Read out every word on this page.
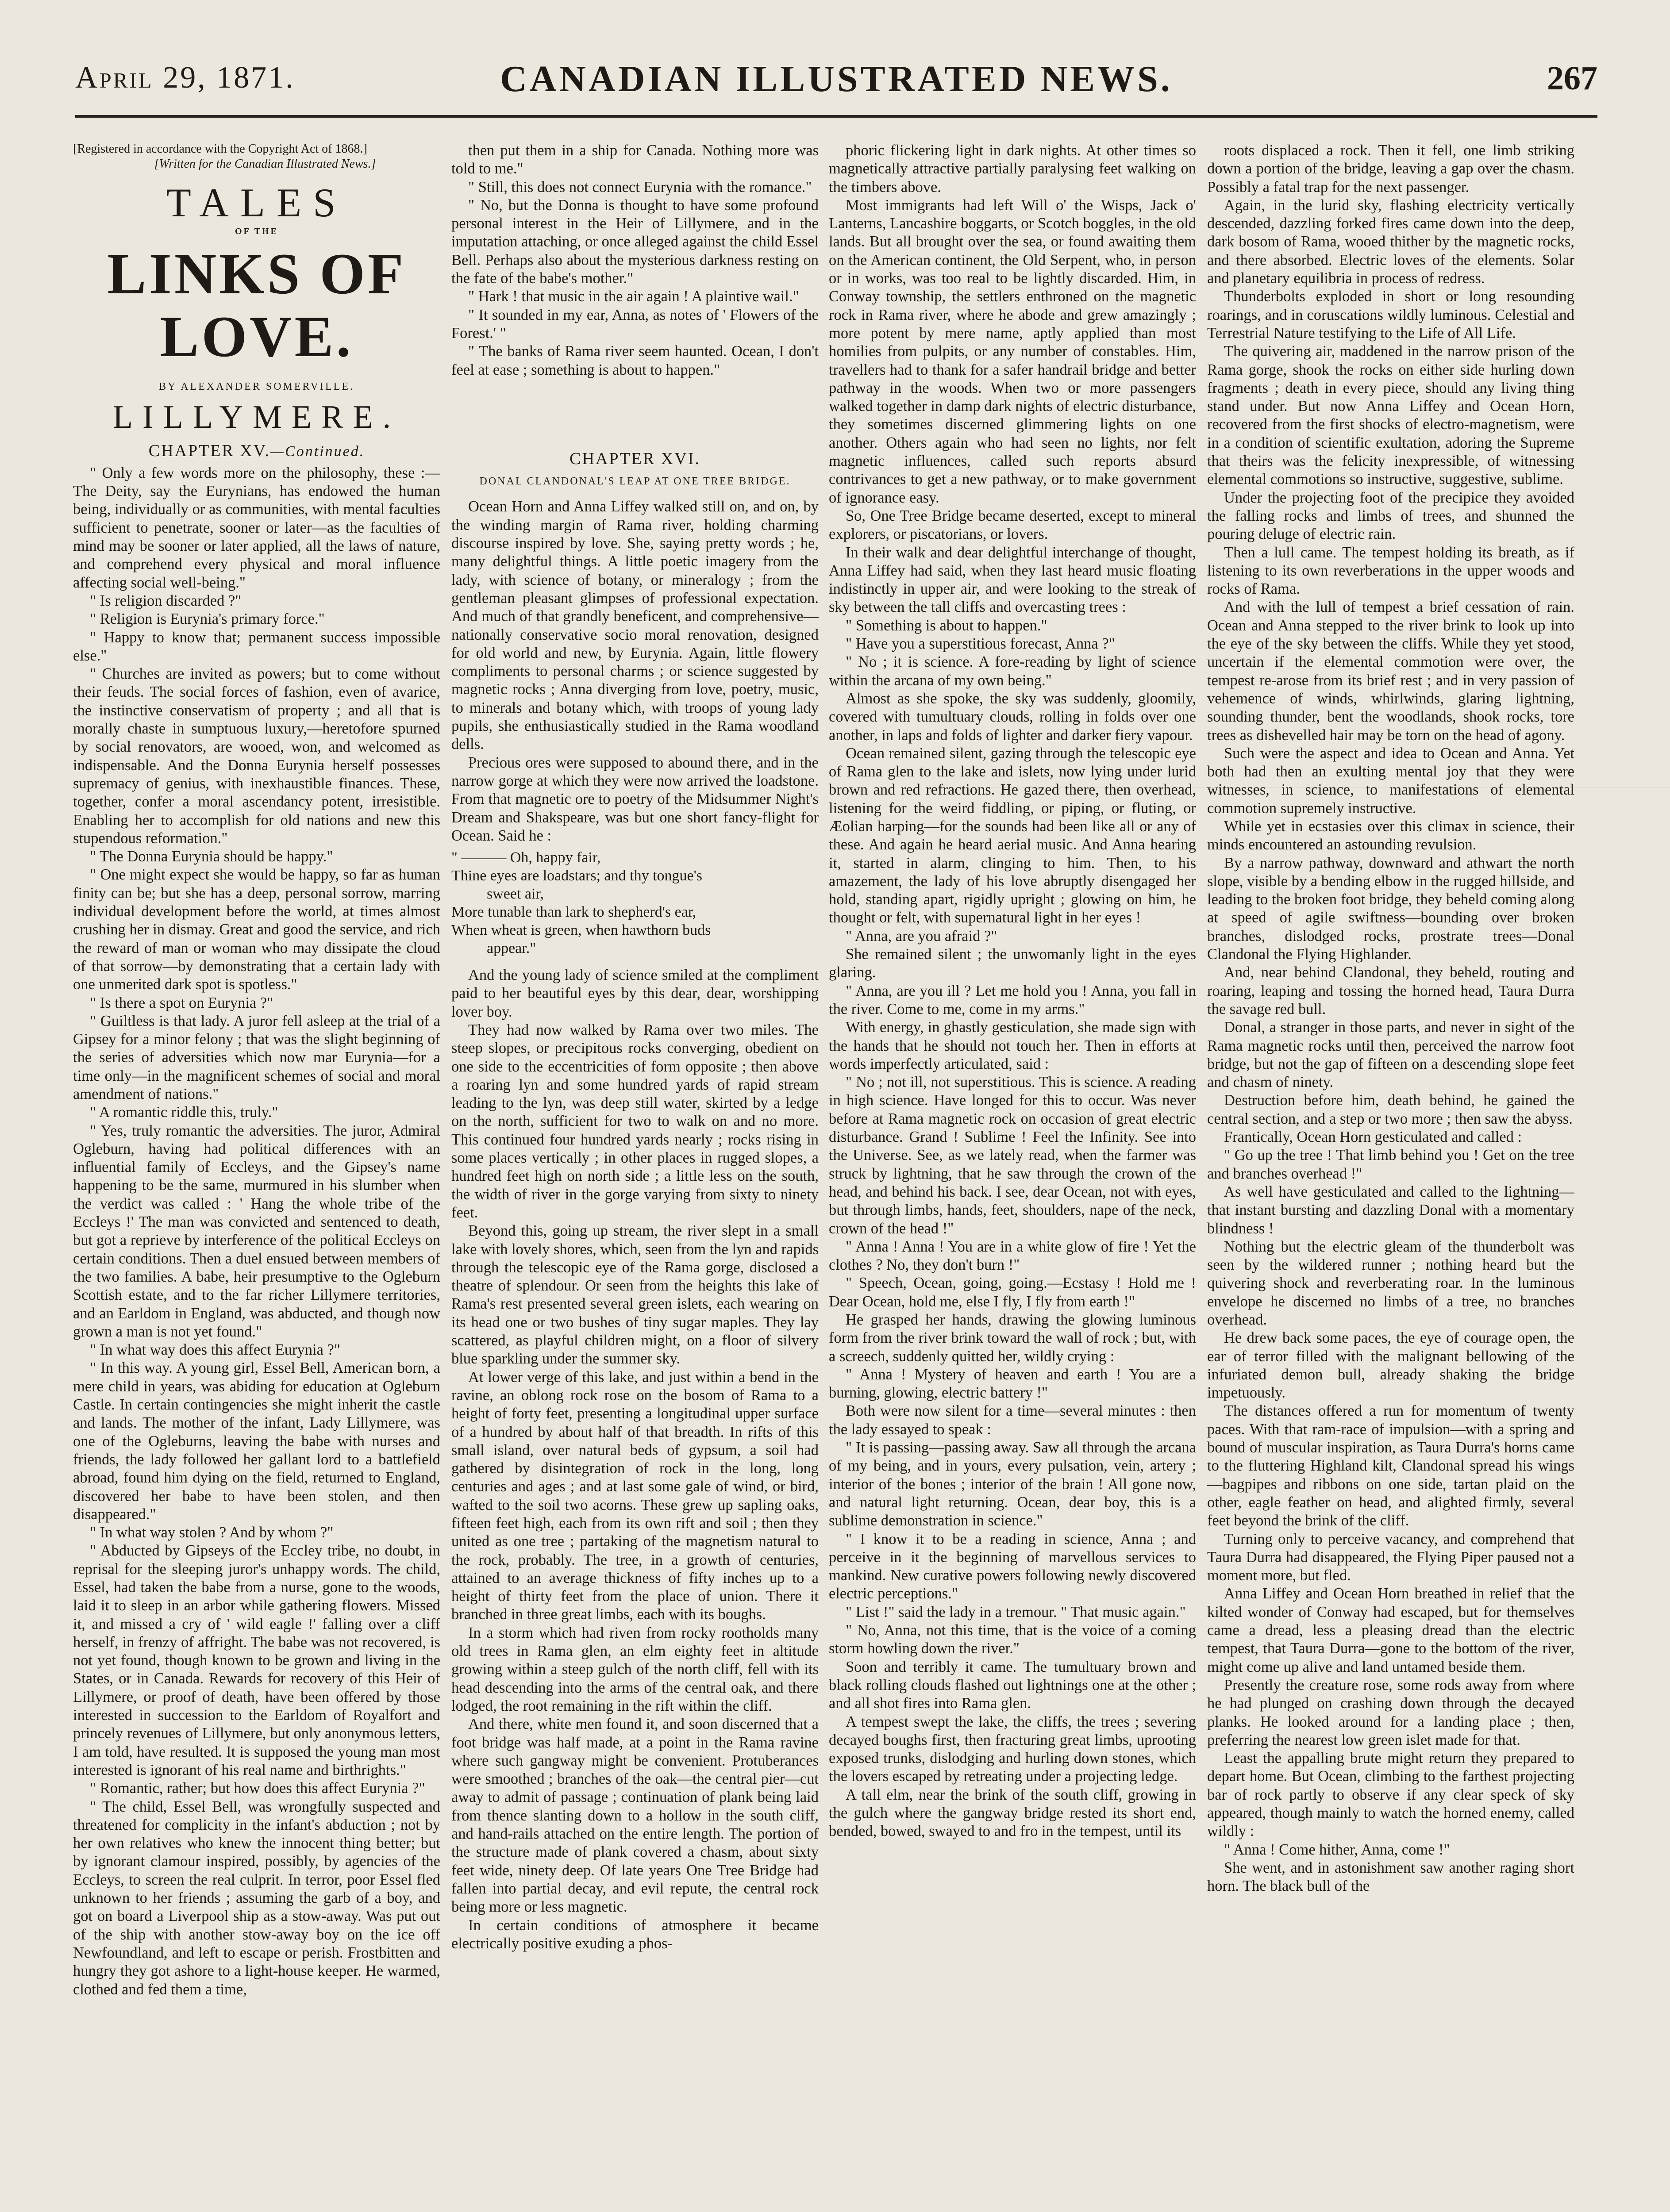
April 29, 1871.	CANADIAN ILLUSTRATED NEWS.	267

[Registered in accordance with the Copyright Act of 1868.]

[Written for the Canadian Illustrated News.]

TALES
OF THE
LINKS OF LOVE.
BY ALEXANDER SOMERVILLE.
LILLYMERE.
CHAPTER XV.—Continued.

" Only a few words more on the philosophy, these :—The Deity, say the Eurynians, has endowed the human being, individually or as communities, with mental faculties sufficient to penetrate, sooner or later—as the faculties of mind may be sooner or later applied, all the laws of nature, and comprehend every physical and moral influence affecting social well-being."

" Is religion discarded ?"

" Religion is Eurynia's primary force."

" Happy to know that; permanent success impossible else."

" Churches are invited as powers; but to come without their feuds. The social forces of fashion, even of avarice, the instinctive conservatism of property ; and all that is morally chaste in sumptuous luxury,—heretofore spurned by social renovators, are wooed, won, and welcomed as indispensable. And the Donna Eurynia herself possesses supremacy of genius, with inexhaustible finances. These, together, confer a moral ascendancy potent, irresistible. Enabling her to accomplish for old nations and new this stupendous reformation."

" The Donna Eurynia should be happy."

" One might expect she would be happy, so far as human finity can be; but she has a deep, personal sorrow, marring individual development before the world, at times almost crushing her in dismay. Great and good the service, and rich the reward of man or woman who may dissipate the cloud of that sorrow—by demonstrating that a certain lady with one unmerited dark spot is spotless."

" Is there a spot on Eurynia ?"

" Guiltless is that lady. A juror fell asleep at the trial of a Gipsey for a minor felony ; that was the slight beginning of the series of adversities which now mar Eurynia—for a time only—in the magnificent schemes of social and moral amendment of nations."

" A romantic riddle this, truly."

" Yes, truly romantic the adversities. The juror, Admiral Ogleburn, having had political differences with an influential family of Eccleys, and the Gipsey's name happening to be the same, murmured in his slumber when the verdict was called : ' Hang the whole tribe of the Eccleys !' The man was convicted and sentenced to death, but got a reprieve by interference of the political Eccleys on certain conditions. Then a duel ensued between members of the two families. A babe, heir presumptive to the Ogleburn Scottish estate, and to the far richer Lillymere territories, and an Earldom in England, was abducted, and though now grown a man is not yet found."

" In what way does this affect Eurynia ?"

" In this way. A young girl, Essel Bell, American born, a mere child in years, was abiding for education at Ogleburn Castle. In certain contingencies she might inherit the castle and lands. The mother of the infant, Lady Lillymere, was one of the Ogleburns, leaving the babe with nurses and friends, the lady followed her gallant lord to a battlefield abroad, found him dying on the field, returned to England, discovered her babe to have been stolen, and then disappeared."

" In what way stolen ? And by whom ?"

" Abducted by Gipseys of the Eccley tribe, no doubt, in reprisal for the sleeping juror's unhappy words. The child, Essel, had taken the babe from a nurse, gone to the woods, laid it to sleep in an arbor while gathering flowers. Missed it, and missed a cry of ' wild eagle !' falling over a cliff herself, in frenzy of affright. The babe was not recovered, is not yet found, though known to be grown and living in the States, or in Canada. Rewards for recovery of this Heir of Lillymere, or proof of death, have been offered by those interested in succession to the Earldom of Royalfort and princely revenues of Lillymere, but only anonymous letters, I am told, have resulted. It is supposed the young man most interested is ignorant of his real name and birthrights."

" Romantic, rather; but how does this affect Eurynia ?"

" The child, Essel Bell, was wrongfully suspected and threatened for complicity in the infant's abduction ; not by her own relatives who knew the innocent thing better; but by ignorant clamour inspired, possibly, by agencies of the Eccleys, to screen the real culprit. In terror, poor Essel fled unknown to her friends ; assuming the garb of a boy, and got on board a Liverpool ship as a stow-away. Was put out of the ship with another stow-away boy on the ice off Newfoundland, and left to escape or perish. Frostbitten and hungry they got ashore to a light-house keeper. He warmed, clothed and fed them a time,

then put them in a ship for Canada. Nothing more was told to me."

" Still, this does not connect Eurynia with the romance."

" No, but the Donna is thought to have some profound personal interest in the Heir of Lillymere, and in the imputation attaching, or once alleged against the child Essel Bell. Perhaps also about the mysterious darkness resting on the fate of the babe's mother."

" Hark ! that music in the air again ! A plaintive wail."

" It sounded in my ear, Anna, as notes of ' Flowers of the Forest.' "

" The banks of Rama river seem haunted. Ocean, I don't feel at ease ; something is about to happen."

CHAPTER XVI.
DONAL CLANDONAL'S LEAP AT ONE TREE BRIDGE.

Ocean Horn and Anna Liffey walked still on, and on, by the winding margin of Rama river, holding charming discourse inspired by love. She, saying pretty words ; he, many delightful things. A little poetic imagery from the lady, with science of botany, or mineralogy ; from the gentleman pleasant glimpses of professional expectation. And much of that grandly beneficent, and comprehensive—nationally conservative socio moral renovation, designed for old world and new, by Eurynia. Again, little flowery compliments to personal charms ; or science suggested by magnetic rocks ; Anna diverging from love, poetry, music, to minerals and botany which, with troops of young lady pupils, she enthusiastically studied in the Rama woodland dells.

Precious ores were supposed to abound there, and in the narrow gorge at which they were now arrived the loadstone. From that magnetic ore to poetry of the Midsummer Night's Dream and Shakspeare, was but one short fancy-flight for Ocean. Said he :

" ——— Oh, happy fair,
Thine eyes are loadstars; and thy tongue's
sweet air,
More tunable than lark to shepherd's ear,
When wheat is green, when hawthorn buds
appear."

And the young lady of science smiled at the compliment paid to her beautiful eyes by this dear, dear, worshipping lover boy.

They had now walked by Rama over two miles. The steep slopes, or precipitous rocks converging, obedient on one side to the eccentricities of form opposite ; then above a roaring lyn and some hundred yards of rapid stream leading to the lyn, was deep still water, skirted by a ledge on the north, sufficient for two to walk on and no more. This continued four hundred yards nearly ; rocks rising in some places vertically ; in other places in rugged slopes, a hundred feet high on north side ; a little less on the south, the width of river in the gorge varying from sixty to ninety feet.

Beyond this, going up stream, the river slept in a small lake with lovely shores, which, seen from the lyn and rapids through the telescopic eye of the Rama gorge, disclosed a theatre of splendour. Or seen from the heights this lake of Rama's rest presented several green islets, each wearing on its head one or two bushes of tiny sugar maples. They lay scattered, as playful children might, on a floor of silvery blue sparkling under the summer sky.

At lower verge of this lake, and just within a bend in the ravine, an oblong rock rose on the bosom of Rama to a height of forty feet, presenting a longitudinal upper surface of a hundred by about half of that breadth. In rifts of this small island, over natural beds of gypsum, a soil had gathered by disintegration of rock in the long, long centuries and ages ; and at last some gale of wind, or bird, wafted to the soil two acorns. These grew up sapling oaks, fifteen feet high, each from its own rift and soil ; then they united as one tree ; partaking of the magnetism natural to the rock, probably. The tree, in a growth of centuries, attained to an average thickness of fifty inches up to a height of thirty feet from the place of union. There it branched in three great limbs, each with its boughs.

In a storm which had riven from rocky rootholds many old trees in Rama glen, an elm eighty feet in altitude growing within a steep gulch of the north cliff, fell with its head descending into the arms of the central oak, and there lodged, the root remaining in the rift within the cliff.

And there, white men found it, and soon discerned that a foot bridge was half made, at a point in the Rama ravine where such gangway might be convenient. Protuberances were smoothed ; branches of the oak—the central pier—cut away to admit of passage ; continuation of plank being laid from thence slanting down to a hollow in the south cliff, and hand-rails attached on the entire length. The portion of the structure made of plank covered a chasm, about sixty feet wide, ninety deep. Of late years One Tree Bridge had fallen into partial decay, and evil repute, the central rock being more or less magnetic.

In certain conditions of atmosphere it became electrically positive exuding a phos-

phoric flickering light in dark nights. At other times so magnetically attractive partially paralysing feet walking on the timbers above.

Most immigrants had left Will o' the Wisps, Jack o' Lanterns, Lancashire boggarts, or Scotch boggles, in the old lands. But all brought over the sea, or found awaiting them on the American continent, the Old Serpent, who, in person or in works, was too real to be lightly discarded. Him, in Conway township, the settlers enthroned on the magnetic rock in Rama river, where he abode and grew amazingly ; more potent by mere name, aptly applied than most homilies from pulpits, or any number of constables. Him, travellers had to thank for a safer handrail bridge and better pathway in the woods. When two or more passengers walked together in damp dark nights of electric disturbance, they sometimes discerned glimmering lights on one another. Others again who had seen no lights, nor felt magnetic influences, called such reports absurd contrivances to get a new pathway, or to make government of ignorance easy.

So, One Tree Bridge became deserted, except to mineral explorers, or piscatorians, or lovers.

In their walk and dear delightful interchange of thought, Anna Liffey had said, when they last heard music floating indistinctly in upper air, and were looking to the streak of sky between the tall cliffs and overcasting trees :

" Something is about to happen."

" Have you a superstitious forecast, Anna ?"

" No ; it is science. A fore-reading by light of science within the arcana of my own being."

Almost as she spoke, the sky was suddenly, gloomily, covered with tumultuary clouds, rolling in folds over one another, in laps and folds of lighter and darker fiery vapour.

Ocean remained silent, gazing through the telescopic eye of Rama glen to the lake and islets, now lying under lurid brown and red refractions. He gazed there, then overhead, listening for the weird fiddling, or piping, or fluting, or Æolian harping—for the sounds had been like all or any of these. And again he heard aerial music. And Anna hearing it, started in alarm, clinging to him. Then, to his amazement, the lady of his love abruptly disengaged her hold, standing apart, rigidly upright ; glowing on him, he thought or felt, with supernatural light in her eyes !

" Anna, are you afraid ?"

She remained silent ; the unwomanly light in the eyes glaring.

" Anna, are you ill ? Let me hold you ! Anna, you fall in the river. Come to me, come in my arms."

With energy, in ghastly gesticulation, she made sign with the hands that he should not touch her. Then in efforts at words imperfectly articulated, said :

" No ; not ill, not superstitious. This is science. A reading in high science. Have longed for this to occur. Was never before at Rama magnetic rock on occasion of great electric disturbance. Grand ! Sublime ! Feel the Infinity. See into the Universe. See, as we lately read, when the farmer was struck by lightning, that he saw through the crown of the head, and behind his back. I see, dear Ocean, not with eyes, but through limbs, hands, feet, shoulders, nape of the neck, crown of the head !"

" Anna ! Anna ! You are in a white glow of fire ! Yet the clothes ? No, they don't burn !"

" Speech, Ocean, going, going.—Ecstasy ! Hold me ! Dear Ocean, hold me, else I fly, I fly from earth !"

He grasped her hands, drawing the glowing luminous form from the river brink toward the wall of rock ; but, with a screech, suddenly quitted her, wildly crying :

" Anna ! Mystery of heaven and earth ! You are a burning, glowing, electric battery !"

Both were now silent for a time—several minutes : then the lady essayed to speak :

" It is passing—passing away. Saw all through the arcana of my being, and in yours, every pulsation, vein, artery ; interior of the bones ; interior of the brain ! All gone now, and natural light returning. Ocean, dear boy, this is a sublime demonstration in science."

" I know it to be a reading in science, Anna ; and perceive in it the beginning of marvellous services to mankind. New curative powers following newly discovered electric perceptions."

" List !" said the lady in a tremour. " That music again."

" No, Anna, not this time, that is the voice of a coming storm howling down the river."

Soon and terribly it came. The tumultuary brown and black rolling clouds flashed out lightnings one at the other ; and all shot fires into Rama glen.

A tempest swept the lake, the cliffs, the trees ; severing decayed boughs first, then fracturing great limbs, uprooting exposed trunks, dislodging and hurling down stones, which the lovers escaped by retreating under a projecting ledge.

A tall elm, near the brink of the south cliff, growing in the gulch where the gangway bridge rested its short end, bended, bowed, swayed to and fro in the tempest, until its

roots displaced a rock. Then it fell, one limb striking down a portion of the bridge, leaving a gap over the chasm. Possibly a fatal trap for the next passenger.

Again, in the lurid sky, flashing electricity vertically descended, dazzling forked fires came down into the deep, dark bosom of Rama, wooed thither by the magnetic rocks, and there absorbed. Electric loves of the elements. Solar and planetary equilibria in process of redress.

Thunderbolts exploded in short or long resounding roarings, and in coruscations wildly luminous. Celestial and Terrestrial Nature testifying to the Life of All Life.

The quivering air, maddened in the narrow prison of the Rama gorge, shook the rocks on either side hurling down fragments ; death in every piece, should any living thing stand under. But now Anna Liffey and Ocean Horn, recovered from the first shocks of electro-magnetism, were in a condition of scientific exultation, adoring the Supreme that theirs was the felicity inexpressible, of witnessing elemental commotions so instructive, suggestive, sublime.

Under the projecting foot of the precipice they avoided the falling rocks and limbs of trees, and shunned the pouring deluge of electric rain.

Then a lull came. The tempest holding its breath, as if listening to its own reverberations in the upper woods and rocks of Rama.

And with the lull of tempest a brief cessation of rain. Ocean and Anna stepped to the river brink to look up into the eye of the sky between the cliffs. While they yet stood, uncertain if the elemental commotion were over, the tempest re-arose from its brief rest ; and in very passion of vehemence of winds, whirlwinds, glaring lightning, sounding thunder, bent the woodlands, shook rocks, tore trees as dishevelled hair may be torn on the head of agony.

Such were the aspect and idea to Ocean and Anna. Yet both had then an exulting mental joy that they were witnesses, in science, to manifestations of elemental commotion supremely instructive.

While yet in ecstasies over this climax in science, their minds encountered an astounding revulsion.

By a narrow pathway, downward and athwart the north slope, visible by a bending elbow in the rugged hillside, and leading to the broken foot bridge, they beheld coming along at speed of agile swiftness—bounding over broken branches, dislodged rocks, prostrate trees—Donal Clandonal the Flying Highlander.

And, near behind Clandonal, they beheld, routing and roaring, leaping and tossing the horned head, Taura Durra the savage red bull.

Donal, a stranger in those parts, and never in sight of the Rama magnetic rocks until then, perceived the narrow foot bridge, but not the gap of fifteen on a descending slope feet and chasm of ninety.

Destruction before him, death behind, he gained the central section, and a step or two more ; then saw the abyss.

Frantically, Ocean Horn gesticulated and called :

" Go up the tree ! That limb behind you ! Get on the tree and branches overhead !"

As well have gesticulated and called to the lightning—that instant bursting and dazzling Donal with a momentary blindness !

Nothing but the electric gleam of the thunderbolt was seen by the wildered runner ; nothing heard but the quivering shock and reverberating roar. In the luminous envelope he discerned no limbs of a tree, no branches overhead.

He drew back some paces, the eye of courage open, the ear of terror filled with the malignant bellowing of the infuriated demon bull, already shaking the bridge impetuously.

The distances offered a run for momentum of twenty paces. With that ram-race of impulsion—with a spring and bound of muscular inspiration, as Taura Durra's horns came to the fluttering Highland kilt, Clandonal spread his wings—bagpipes and ribbons on one side, tartan plaid on the other, eagle feather on head, and alighted firmly, several feet beyond the brink of the cliff.

Turning only to perceive vacancy, and comprehend that Taura Durra had disappeared, the Flying Piper paused not a moment more, but fled.

Anna Liffey and Ocean Horn breathed in relief that the kilted wonder of Conway had escaped, but for themselves came a dread, less a pleasing dread than the electric tempest, that Taura Durra—gone to the bottom of the river, might come up alive and land untamed beside them.

Presently the creature rose, some rods away from where he had plunged on crashing down through the decayed planks. He looked around for a landing place ; then, preferring the nearest low green islet made for that.

Least the appalling brute might return they prepared to depart home. But Ocean, climbing to the farthest projecting bar of rock partly to observe if any clear speck of sky appeared, though mainly to watch the horned enemy, called wildly :

" Anna ! Come hither, Anna, come !"

She went, and in astonishment saw another raging short horn. The black bull of the
